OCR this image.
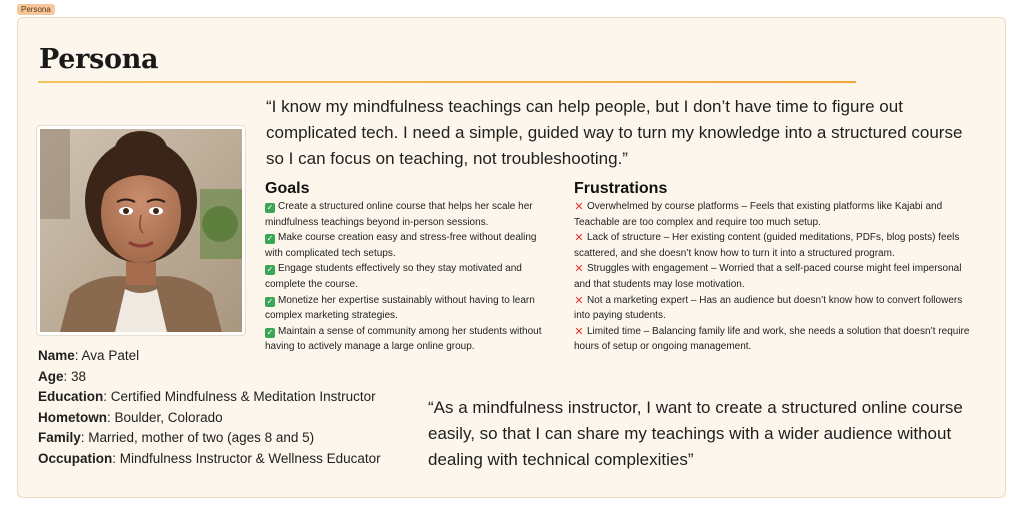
Persona
Persona
“I know my mindfulness teachings can help people, but I don’t have time to figure out complicated tech. I need a simple, guided way to turn my knowledge into a structured course so I can focus on teaching, not troubleshooting.”
Goals
✓ Create a structured online course that helps her scale her mindfulness teachings beyond in-person sessions.
✓ Make course creation easy and stress-free without dealing with complicated tech setups.
✓ Engage students effectively so they stay motivated and complete the course.
✓ Monetize her expertise sustainably without having to learn complex marketing strategies.
✓ Maintain a sense of community among her students without having to actively manage a large online group.
Frustrations
✕ Overwhelmed by course platforms – Feels that existing platforms like Kajabi and Teachable are too complex and require too much setup.
✕ Lack of structure – Her existing content (guided meditations, PDFs, blog posts) feels scattered, and she doesn’t know how to turn it into a structured program.
✕ Struggles with engagement – Worried that a self-paced course might feel impersonal and that students may lose motivation.
✕ Not a marketing expert – Has an audience but doesn’t know how to convert followers into paying students.
✕ Limited time – Balancing family life and work, she needs a solution that doesn’t require hours of setup or ongoing management.
Name: Ava Patel
Age: 38
Education: Certified Mindfulness & Meditation Instructor
Hometown: Boulder, Colorado
Family: Married, mother of two (ages 8 and 5)
Occupation: Mindfulness Instructor & Wellness Educator
“As a mindfulness instructor, I want to create a structured online course easily, so that I can share my teachings with a wider audience without dealing with technical complexities”
